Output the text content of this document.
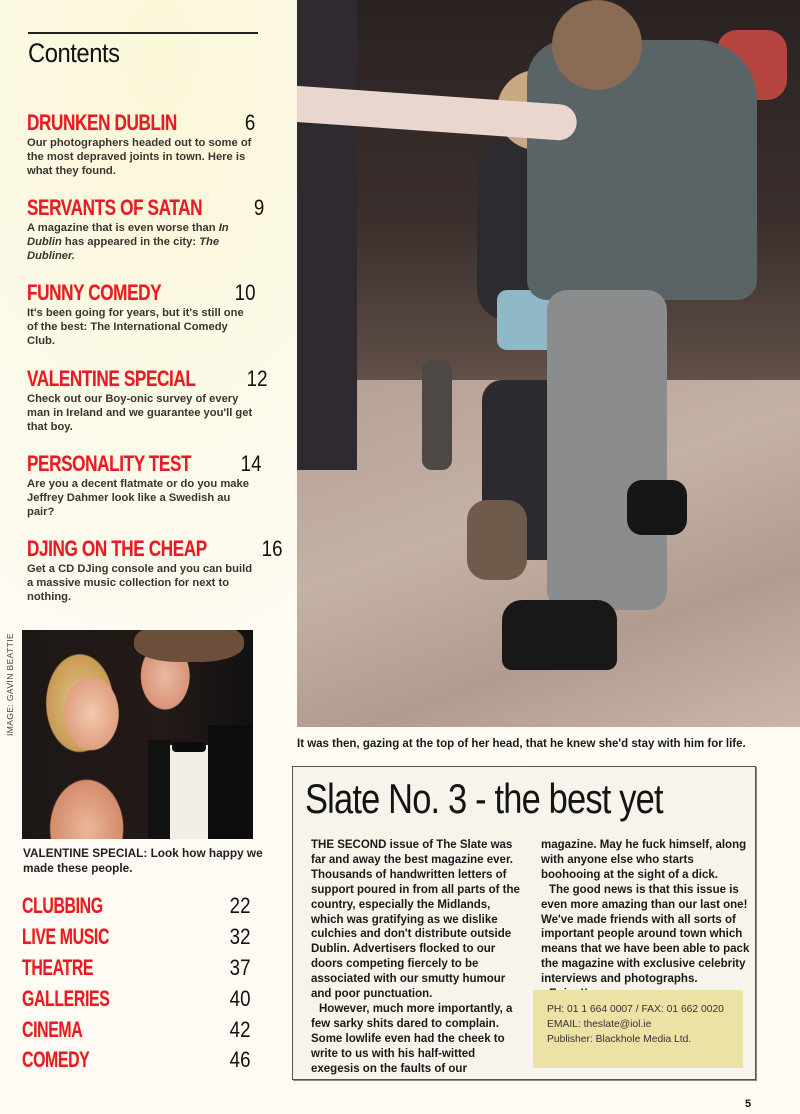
Contents
DRUNKEN DUBLIN	6
Our photographers headed out to some of the most depraved joints in town. Here is what they found.
SERVANTS OF SATAN 9
A magazine that is even worse than In Dublin has appeared in the city: The Dubliner.
FUNNY COMEDY	10
It's been going for years, but it's still one of the best: The International Comedy Club.
VALENTINE SPECIAL 12
Check out our Boy-onic survey of every man in Ireland and we guarantee you'll get that boy.
PERSONALITY TEST 14
Are you a decent flatmate or do you make Jeffrey Dahmer look like a Swedish au pair?
DJING ON THE CHEAP 16
Get a CD DJing console and you can build a massive music collection for next to nothing.
IMAGE: GAVIN BEATTIE
VALENTINE SPECIAL: Look how happy we made these people.
CLUBBING	22
LIVE MUSIC	32
THEATRE	37
GALLERIES	40
CINEMA	42
COMEDY	46
It was then, gazing at the top of her head, that he knew she'd stay with him for life.
Slate No. 3 - the best yet

THE SECOND issue of The Slate was far and away the best magazine ever. Thousands of handwritten letters of support poured in from all parts of the country, especially the Midlands, which was gratifying as we dislike culchies and don't distribute outside Dublin. Advertisers flocked to our doors competing fiercely to be associated with our smutty humour and poor punctuation.

However, much more importantly, a few sarky shits dared to complain. Some lowlife even had the cheek to write to us with his half-witted exegesis on the faults of our

magazine. May he fuck himself, along with anyone else who starts boohooing at the sight of a dick.

The good news is that this issue is even more amazing than our last one! We've made friends with all sorts of important people around town which means that we have been able to pack the magazine with exclusive celebrity interviews and photographs.

PH: 01 1 664 0007 / FAX: 01 662 0020
EMAIL: theslate@iol.ie
Publisher: Blackhole Media Ltd.
5
